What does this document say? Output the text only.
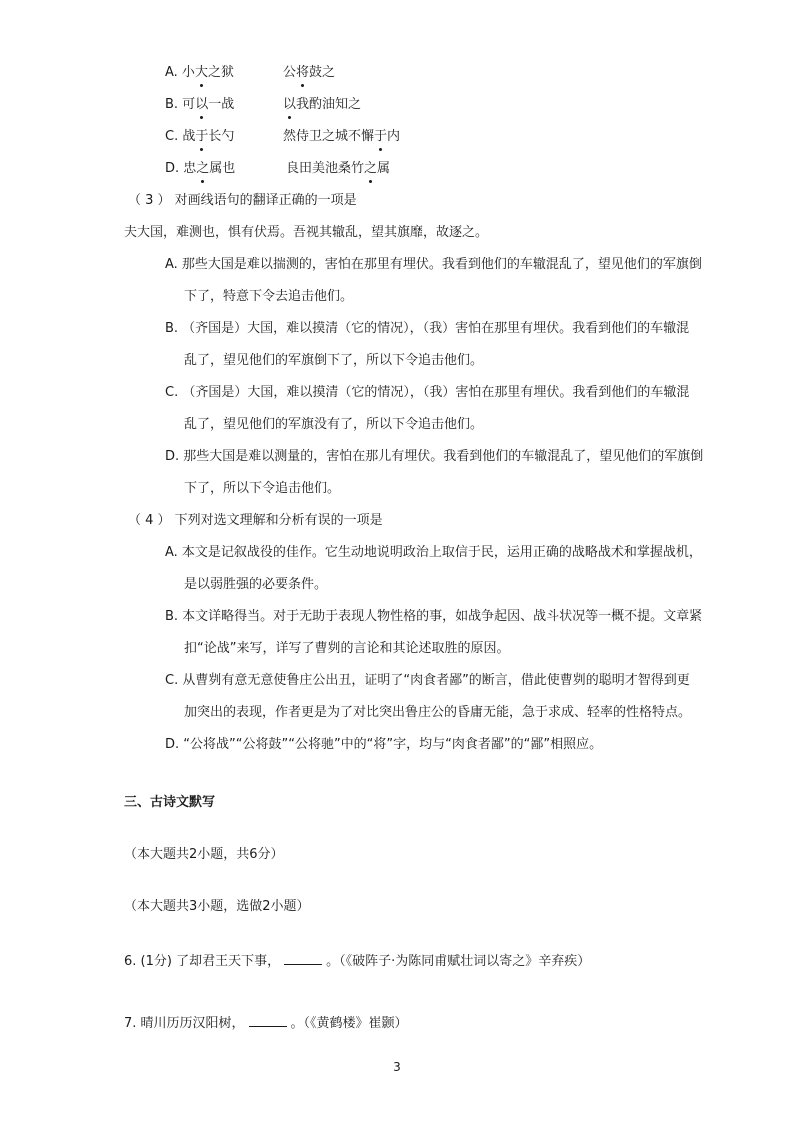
A. 小大之狱	公将鼓之
B. 可以一战	以我酌油知之
C. 战于长勺	然侍卫之城不懈于内
D. 忠之属也	良田美池桑竹之属
（ 3 ） 对画线语句的翻译正确的一项是
夫大国，难测也，惧有伏焉。吾视其辙乱，望其旗靡，故逐之。
A. 那些大国是难以揣测的，害怕在那里有埋伏。我看到他们的车辙混乱了，望见他们的军旗倒
下了，特意下令去追击他们。
B. （齐国是）大国，难以摸清（它的情况），（我）害怕在那里有埋伏。我看到他们的车辙混
乱了，望见他们的军旗倒下了，所以下令追击他们。
C. （齐国是）大国，难以摸清（它的情况），（我）害怕在那里有埋伏。我看到他们的车辙混
乱了，望见他们的军旗没有了，所以下令追击他们。
D. 那些大国是难以测量的，害怕在那儿有埋伏。我看到他们的车辙混乱了，望见他们的军旗倒
下了，所以下令追击他们。
（ 4 ） 下列对选文理解和分析有误的一项是
A. 本文是记叙战役的佳作。它生动地说明政治上取信于民，运用正确的战略战术和掌握战机，
是以弱胜强的必要条件。
B. 本文详略得当。对于无助于表现人物性格的事，如战争起因、战斗状况等一概不提。文章紧
扣“论战”来写，详写了曹刿的言论和其论述取胜的原因。
C. 从曹刿有意无意使鲁庄公出丑，证明了“肉食者鄙”的断言，借此使曹刿的聪明才智得到更
加突出的表现，作者更是为了对比突出鲁庄公的昏庸无能，急于求成、轻率的性格特点。
D. “公将战”“公将鼓”“公将驰”中的“将”字，均与“肉食者鄙”的“鄙”相照应。
三、古诗文默写
（本大题共2小题，共6分）
（本大题共3小题，选做2小题）
6. (1分) 了却君王天下事，	。（《破阵子·为陈同甫赋壮词以寄之》辛弃疾）
7. 晴川历历汉阳树，	。（《黄鹤楼》崔颢）
3
